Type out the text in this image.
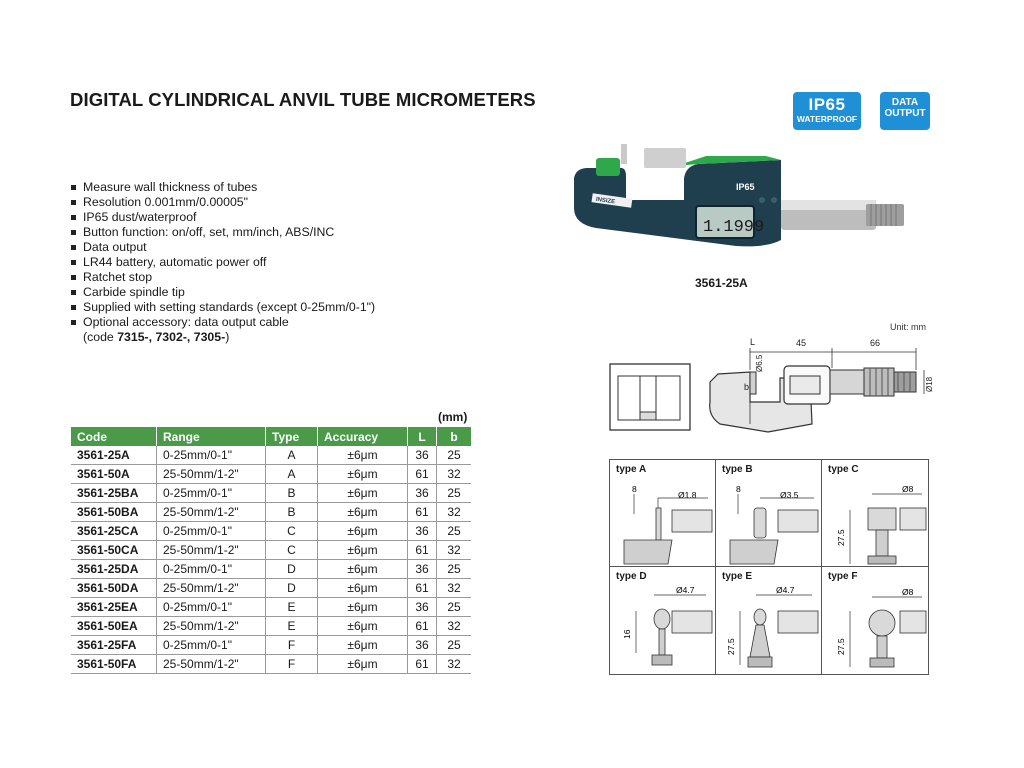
DIGITAL CYLINDRICAL ANVIL TUBE MICROMETERS	IP65
WATERPROOF
DATA
OUTPUT
Measure wall thickness of tubes
Resolution 0.001mm/0.00005"
IP65 dust/waterproof
Button function: on/off, set, mm/inch, ABS/INC
Data output
LR44 battery, automatic power off
Ratchet stop
Carbide spindle tip
Supplied with setting standards (except 0-25mm/0-1")
Optional accessory: data output cable
(code 7315-, 7302-, 7305-)
INSIZE
IP65
1.1999
3561-25A
Unit: mm
L	45	66
Ø6.5
Ø18
b
(mm)
Code	Range	Type	Accuracy	L	b
3561-25A	0-25mm/0-1"	A	±6μm	36	25
3561-50A	25-50mm/1-2"	A	±6μm	61	32
3561-25BA	0-25mm/0-1"	B	±6μm	36	25
3561-50BA	25-50mm/1-2"	B	±6μm	61	32
3561-25CA	0-25mm/0-1"	C	±6μm	36	25
3561-50CA	25-50mm/1-2"	C	±6μm	61	32
3561-25DA	0-25mm/0-1"	D	±6μm	36	25
3561-50DA	25-50mm/1-2"	D	±6μm	61	32
3561-25EA	0-25mm/0-1"	E	±6μm	36	25
3561-50EA	25-50mm/1-2"	E	±6μm	61	32
3561-25FA	0-25mm/0-1"	F	±6μm	36	25
3561-50FA	25-50mm/1-2"	F	±6μm	61	32
type A
8
Ø1.8
type B
8
Ø3.5
type C
Ø8
27.5
type D
Ø4.7
16
type E
Ø4.7
27.5
type F
Ø8
27.5
